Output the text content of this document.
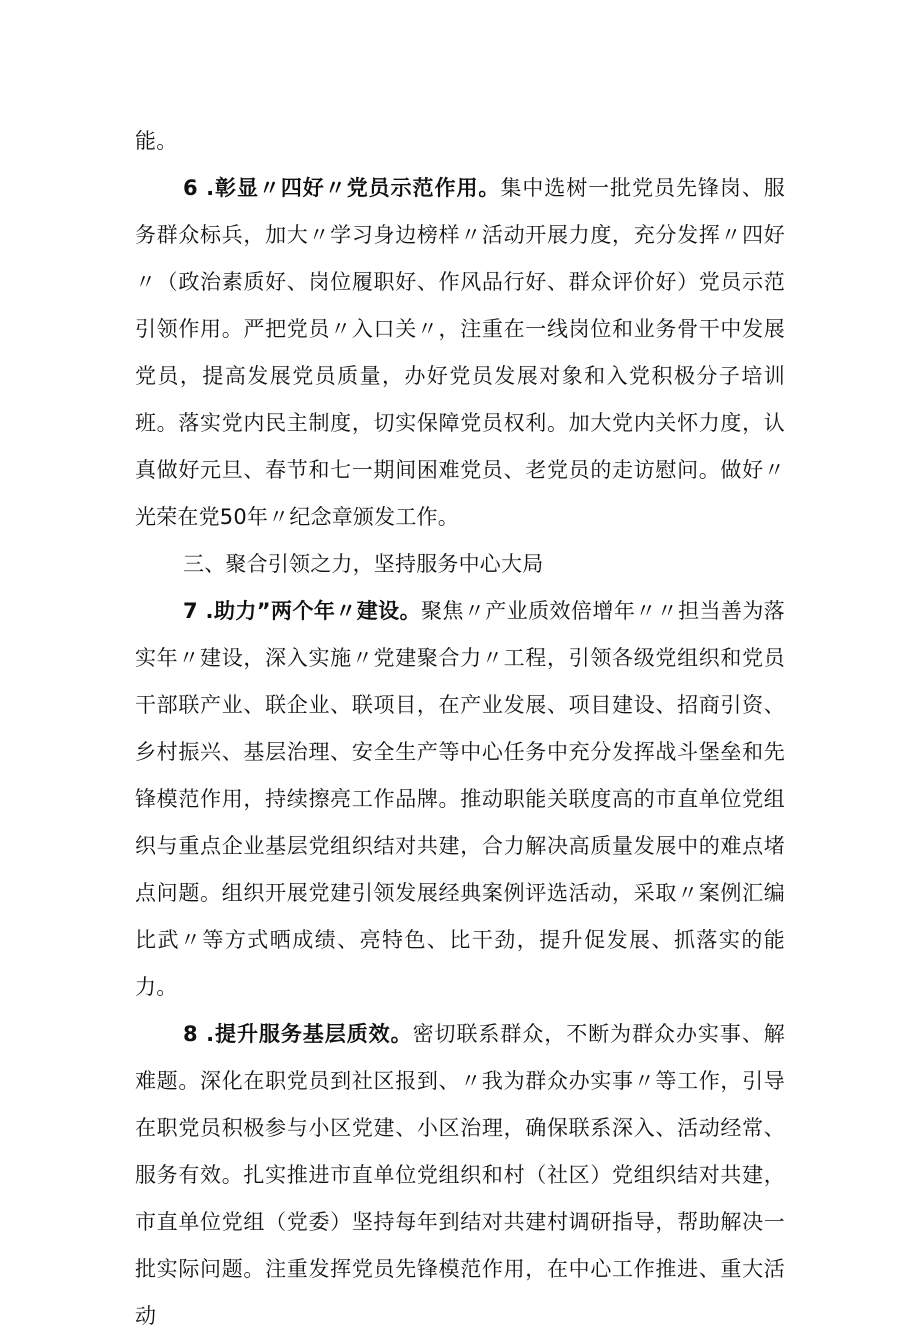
能。

6 .彰显〃四好〃党员示范作用。集中选树一批党员先锋岗、服务群众标兵，加大〃学习身边榜样〃活动开展力度，充分发挥〃四好〃（政治素质好、岗位履职好、作风品行好、群众评价好）党员示范引领作用。严把党员〃入口关〃，注重在一线岗位和业务骨干中发展党员，提高发展党员质量，办好党员发展对象和入党积极分子培训班。落实党内民主制度，切实保障党员权利。加大党内关怀力度，认真做好元旦、春节和七一期间困难党员、老党员的走访慰问。做好〃光荣在党50年〃纪念章颁发工作。

三、聚合引领之力，坚持服务中心大局

7 .助力”两个年〃建设。聚焦〃产业质效倍增年〃〃担当善为落实年〃建设，深入实施〃党建聚合力〃工程，引领各级党组织和党员干部联产业、联企业、联项目，在产业发展、项目建设、招商引资、乡村振兴、基层治理、安全生产等中心任务中充分发挥战斗堡垒和先锋模范作用，持续擦亮工作品牌。推动职能关联度高的市直单位党组织与重点企业基层党组织结对共建，合力解决高质量发展中的难点堵点问题。组织开展党建引领发展经典案例评选活动，采取〃案例汇编比武〃等方式晒成绩、亮特色、比干劲，提升促发展、抓落实的能力。

8 .提升服务基层质效。密切联系群众，不断为群众办实事、解难题。深化在职党员到社区报到、〃我为群众办实事〃等工作，引导在职党员积极参与小区党建、小区治理，确保联系深入、活动经常、服务有效。扎实推进市直单位党组织和村（社区）党组织结对共建，市直单位党组（党委）坚持每年到结对共建村调研指导，帮助解决一批实际问题。注重发挥党员先锋模范作用，在中心工作推进、重大活动
